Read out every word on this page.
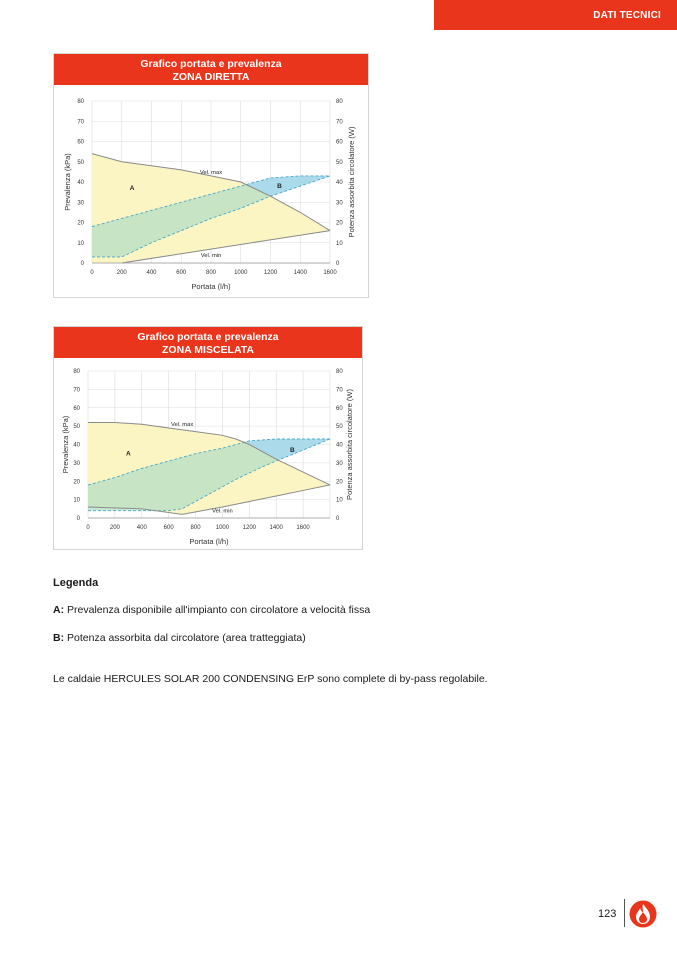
DATI TECNICI
Grafico portata e prevalenza
ZONA DIRETTA
0	0
10	10
20	20
30	30
40	40
50	50
60	60
70	70
80	80
0	200	400	600	800	1000	1200	1400	1600
Portata (l/h)
Prevalenza (kPa)	Potenza assorbita circolatore (W)
A	B
Vel. max
Vel. min
Grafico portata e prevalenza
ZONA MISCELATA
0	0
10	10
20	20
30	30
40	40
50	50
60	60
70	70
80	80
0	200	400	600	800	1000 1200 1400 1600
Portata (l/h)
Prevalenza (kPa)	Potenza assorbita circolatore (W)
A
B
Vel. max
Vel. min
Legenda
A: Prevalenza disponibile all'impianto con circolatore a velocità fissa
B: Potenza assorbita dal circolatore (area tratteggiata)
Le caldaie HERCULES SOLAR 200 CONDENSING ErP sono complete di by-pass regolabile.
123
